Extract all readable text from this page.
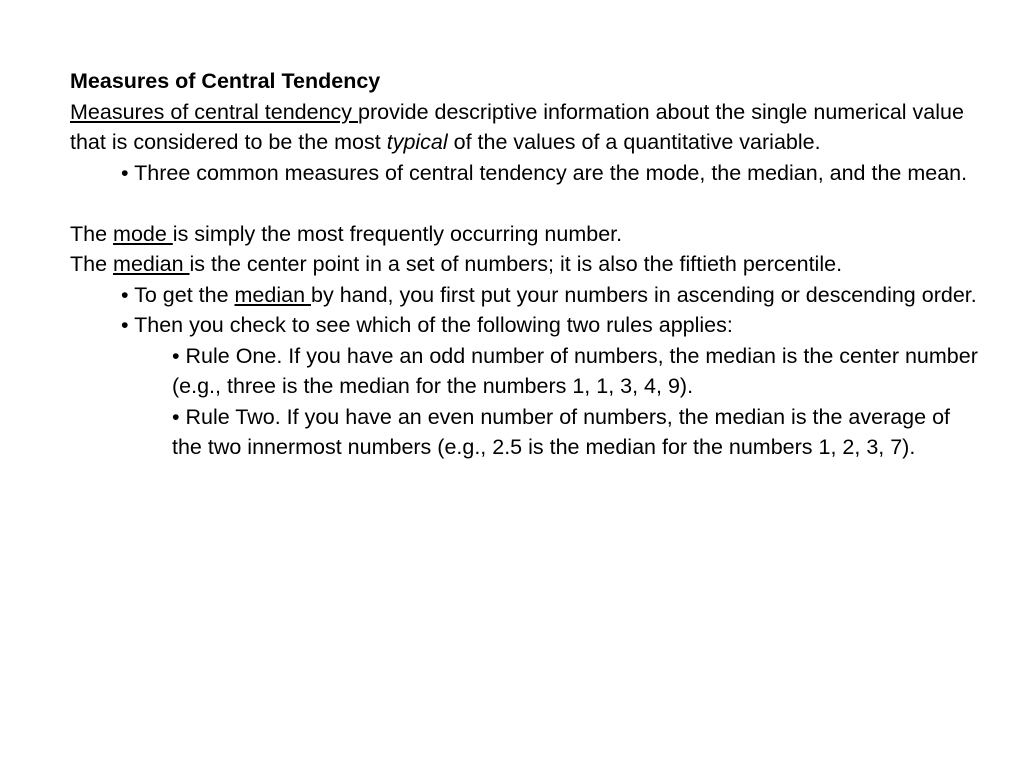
Measures of Central Tendency

Measures of central tendency provide descriptive information about the single numerical value that is considered to be the most typical of the values of a quantitative variable.

• Three common measures of central tendency are the mode, the median, and the mean.

The mode is simply the most frequently occurring number.

The median is the center point in a set of numbers; it is also the fiftieth percentile.

• To get the median by hand, you first put your numbers in ascending or descending order.

• Then you check to see which of the following two rules applies:

• Rule One. If you have an odd number of numbers, the median is the center number (e.g., three is the median for the numbers 1, 1, 3, 4, 9).

• Rule Two. If you have an even number of numbers, the median is the average of the two innermost numbers (e.g., 2.5 is the median for the numbers 1, 2, 3, 7).
